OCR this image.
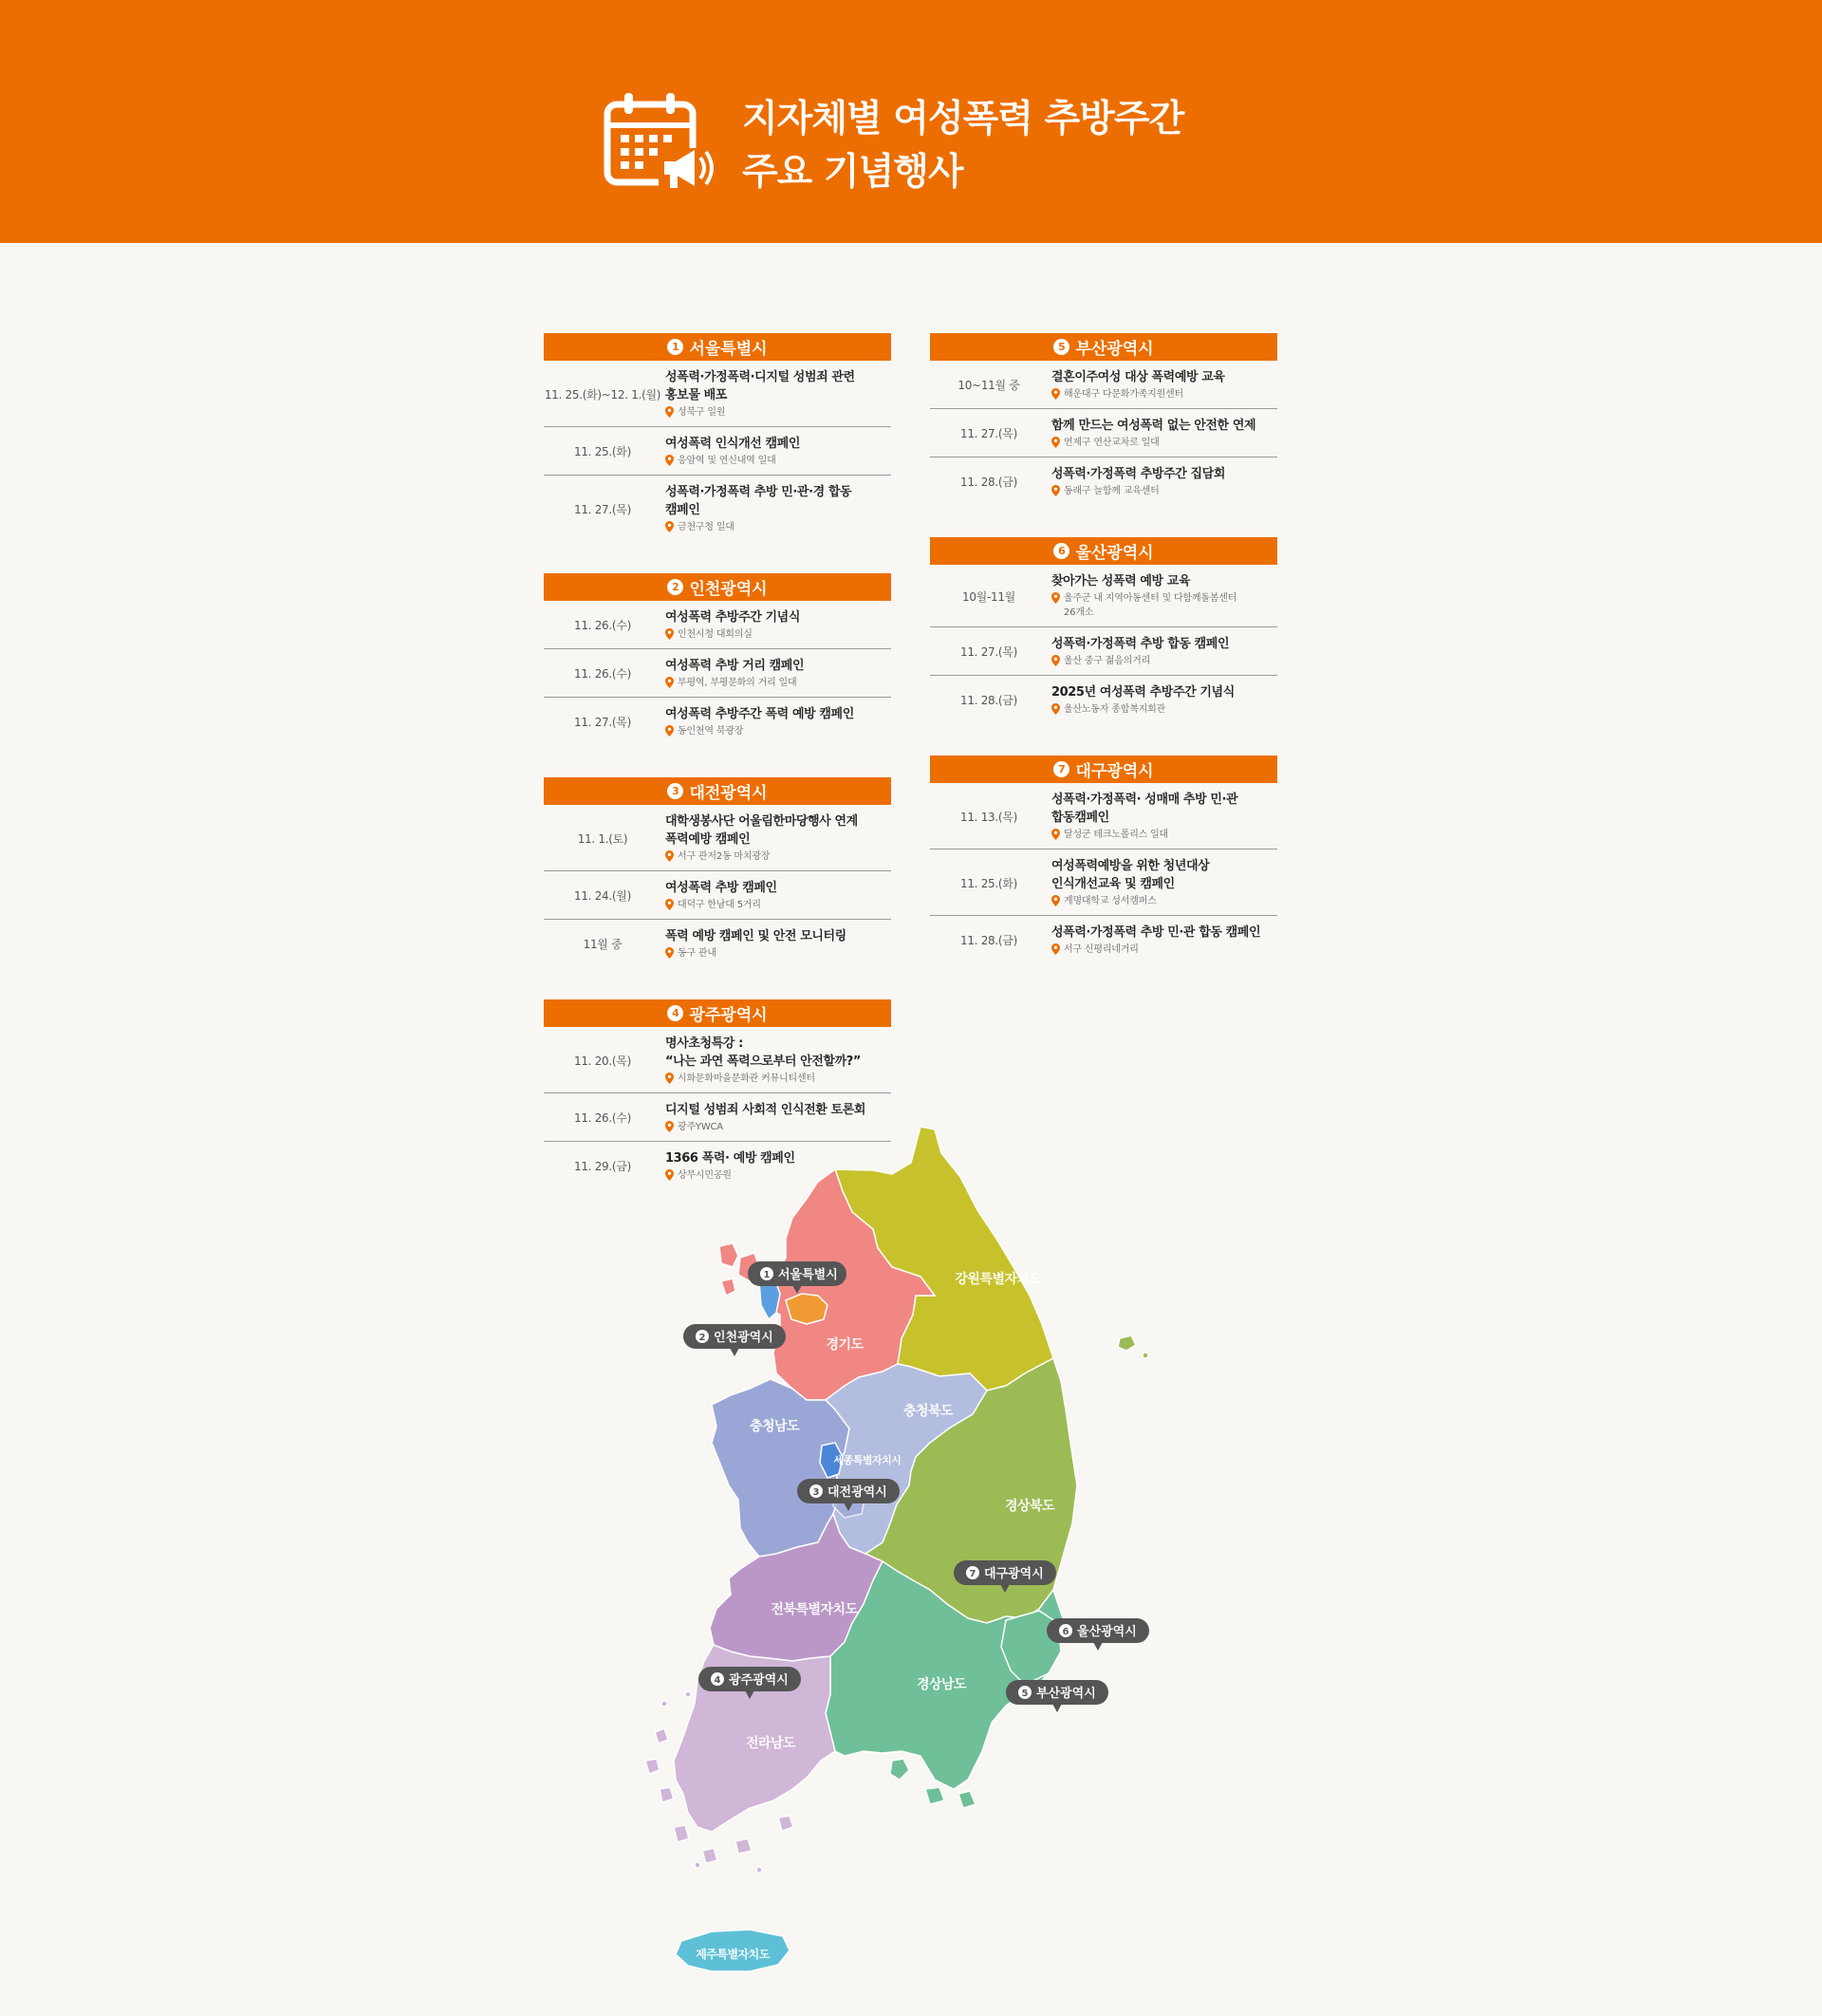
지자체별 여성폭력 추방주간
주요 기념행사
1 서울특별시
11. 25.(화)~12. 1.(월)
성폭력·가정폭력·디지털 성범죄 관련
홍보물 배포
성북구 일원
11. 25.(화)
여성폭력 인식개선 캠페인
응암역 및 연신내역 일대
11. 27.(목)
성폭력·가정폭력 추방 민·관·경 합동
캠페인
금천구청 일대
2 인천광역시
11. 26.(수)
여성폭력 추방주간 기념식
인천시청 대회의실
11. 26.(수)
여성폭력 추방 거리 캠페인
부평역, 부평문화의 거리 일대
11. 27.(목)
여성폭력 추방주간 폭력 예방 캠페인
동인천역 북광장
3 대전광역시
11. 1.(토)
대학생봉사단 어울림한마당행사 연계
폭력예방 캠페인
서구 관저2동 마치광장
11. 24.(월)
여성폭력 추방 캠페인
대덕구 한남대 5거리
11월 중
폭력 예방 캠페인 및 안전 모니터링
동구 관내
4 광주광역시
11. 20.(목)
명사초청특강 :
“나는 과연 폭력으로부터 안전할까?”
시화문화마을문화관 커뮤니티센터
11. 26.(수)
디지털 성범죄 사회적 인식전환 토론회
광주YWCA
11. 29.(금)
1366 폭력· 예방 캠페인
상무시민공원
5 부산광역시
10~11월 중
결혼이주여성 대상 폭력예방 교육
해운대구 다문화가족지원센터
11. 27.(목)
함께 만드는 여성폭력 없는 안전한 연제
연제구 연산교차로 일대
11. 28.(금)
성폭력·가정폭력 추방주간 집담회
동래구 늘함께 교육센터
6 울산광역시
10월-11월
찾아가는 성폭력 예방 교육
울주군 내 지역아동센터 및 다함께돌봄센터
26개소
11. 27.(목)
성폭력·가정폭력 추방 합동 캠페인
울산 중구 젊음의거리
11. 28.(금)
2025년 여성폭력 추방주간 기념식
울산노동자 종합복지회관
7 대구광역시
11. 13.(목)
성폭력·가정폭력· 성매매 추방 민·관
합동캠페인
달성군 테크노폴리스 일대
11. 25.(화)
여성폭력예방을 위한 청년대상
인식개선교육 및 캠페인
계명대학교 성서캠퍼스
11. 28.(금)
성폭력·가정폭력 추방 민·관 합동 캠페인
서구 신평리네거리
강원특별자치도
경기도
충청북도
충청남도
세종특별자치시
경상북도
전북특별자치도
경상남도
전라남도
제주특별자치도
1 서울특별시
2 인천광역시
3 대전광역시
7 대구광역시
6 울산광역시
4 광주광역시
5 부산광역시
